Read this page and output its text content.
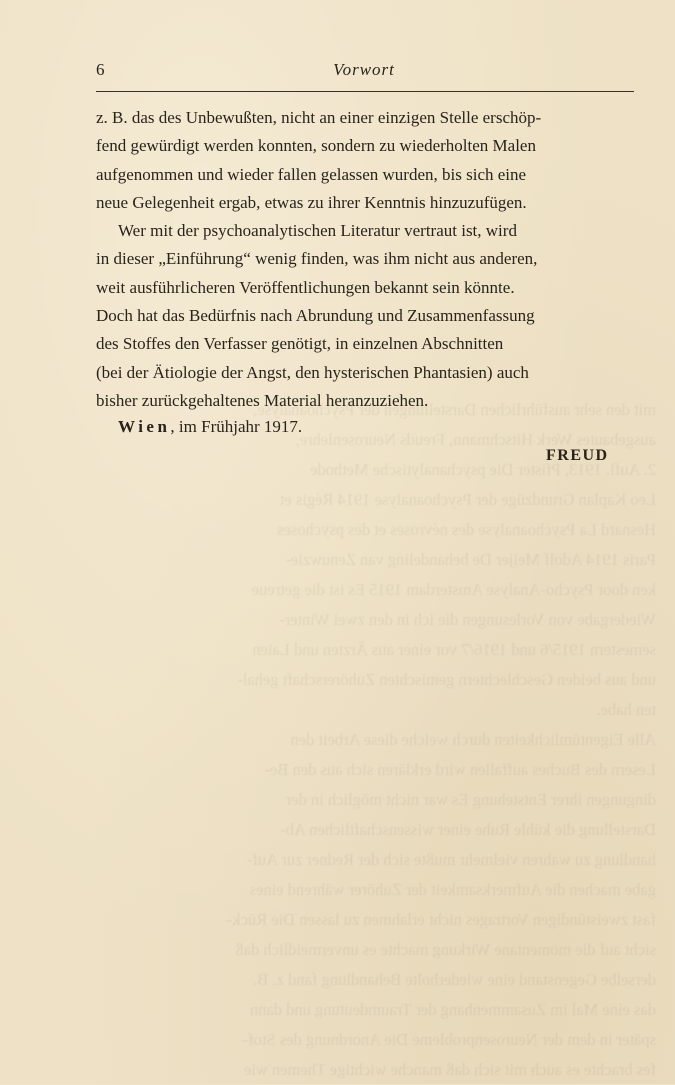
mit den sehr ausführlichen Darstellungen der Psychoanalyse,

ausgebautes Werk Hitschmann, Freuds Neurosenlehre,

2. Aufl. 1913, Pfister Die psychanalytische Methode

Leo Kaplan Grundzüge der Psychoanalyse 1914 Régis et

Hesnard La Psychoanalyse des névroses et des psychoses

Paris 1914 Adolf Meijer De behandeling van Zenuwzie-

ken door Psycho-Analyse Amsterdam 1915 Es ist die getreue

Wiedergabe von Vorlesungen die ich in den zwei Winter-

semestern 1915/6 und 1916/7 vor einer aus Ärzten und Laien

und aus beiden Geschlechtern gemischten Zuhörerschaft gehal-

ten habe.

Alle Eigentümlichkeiten durch welche diese Arbeit den

Lesern des Buches auffallen wird erklären sich aus den Be-

dingungen ihrer Entstehung Es war nicht möglich in der

Darstellung die kühle Ruhe einer wissenschaftlichen Ab-

handlung zu wahren vielmehr mußte sich der Redner zur Auf-

gabe machen die Aufmerksamkeit der Zuhörer während eines

fast zweistündigen Vortrages nicht erlahmen zu lassen Die Rück-

sicht auf die momentane Wirkung machte es unvermeidlich daß

derselbe Gegenstand eine wiederholte Behandlung fand z. B.

das eine Mal im Zusammenhang der Traumdeutung und dann

später in dem der Neurosenprobleme Die Anordnung des Stof-

fes brachte es auch mit sich daß manche wichtige Themen wie

6	Vorwort

z. B. das des Unbewußten, nicht an einer einzigen Stelle erschöp-

fend gewürdigt werden konnten, sondern zu wiederholten Malen

aufgenommen und wieder fallen gelassen wurden, bis sich eine

neue Gelegenheit ergab, etwas zu ihrer Kenntnis hinzuzufügen.

Wer mit der psychoanalytischen Literatur vertraut ist, wird

in dieser „Einführung“ wenig finden, was ihm nicht aus anderen,

weit ausführlicheren Veröffentlichungen bekannt sein könnte.

Doch hat das Bedürfnis nach Abrundung und Zusammenfassung

des Stoffes den Verfasser genötigt, in einzelnen Abschnitten

(bei der Ätiologie der Angst, den hysterischen Phantasien) auch

bisher zurückgehaltenes Material heranzuziehen.

Wien, im Frühjahr 1917.
FREUD
